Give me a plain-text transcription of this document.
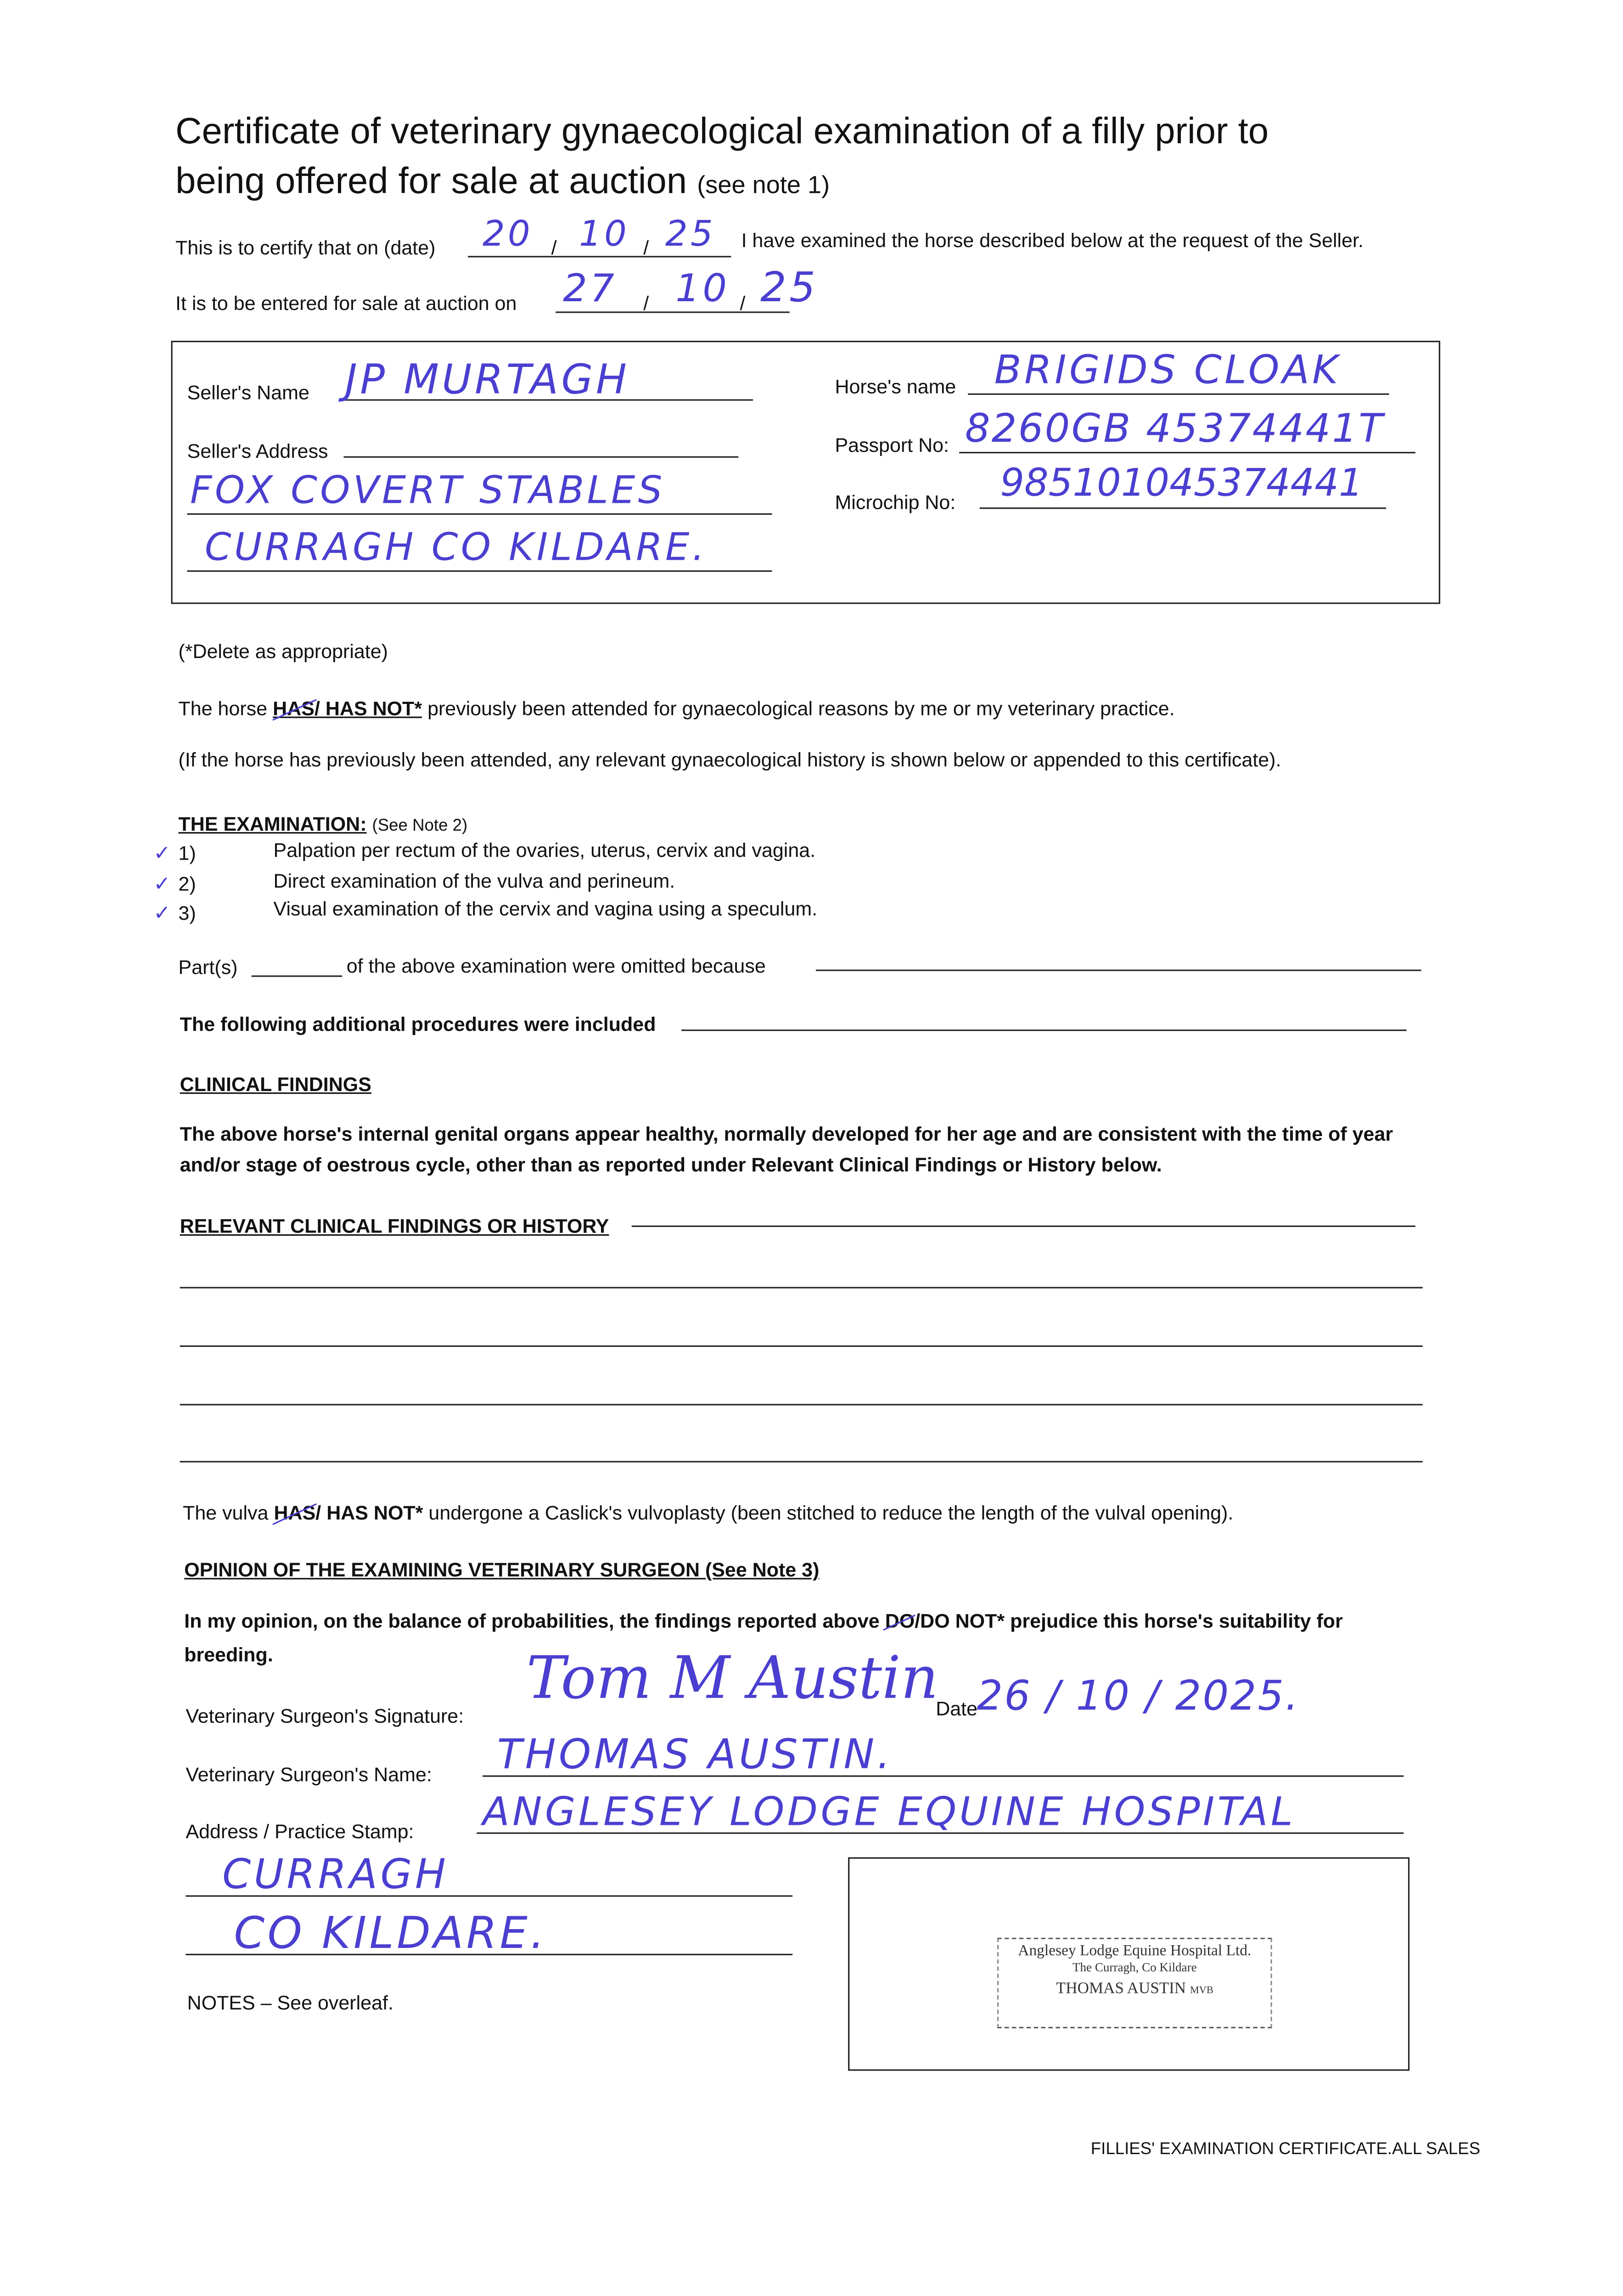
Certificate of veterinary gynaecological examination of a filly prior to
being offered for sale at auction (see note 1)
This is to certify that on (date)	20	/ 10 / 25	I have examined the horse described below at the request of the Seller.
It is to be entered for sale at auction on	27	/ 10 / 25
Seller's Name	JP MURTAGH
Seller's Address
FOX COVERT STABLES
CURRAGH CO KILDARE.
Horse's name	BRIGIDS CLOAK
Passport No: 8260GB 45374441T
Microchip No:	985101045374441
(*Delete as appropriate)
The horse HAS/ HAS NOT* previously been attended for gynaecological reasons by me or my veterinary practice.
(If the horse has previously been attended, any relevant gynaecological history is shown below or appended to this certificate).
THE EXAMINATION: (See Note 2)
✓ 1)	Palpation per rectum of the ovaries, uterus, cervix and vagina.
✓ 2)	Direct examination of the vulva and perineum.
✓ 3)	Visual examination of the cervix and vagina using a speculum.
Part(s)	of the above examination were omitted because
The following additional procedures were included
CLINICAL FINDINGS
The above horse's internal genital organs appear healthy, normally developed for her age and are consistent with the time of year
and/or stage of oestrous cycle, other than as reported under Relevant Clinical Findings or History below.
RELEVANT CLINICAL FINDINGS OR HISTORY
The vulva HAS/ HAS NOT* undergone a Caslick's vulvoplasty (been stitched to reduce the length of the vulval opening).
OPINION OF THE EXAMINING VETERINARY SURGEON (See Note 3)
In my opinion, on the balance of probabilities, the findings reported above DO/DO NOT* prejudice this horse's suitability for
breeding.
Veterinary Surgeon's Signature:
Tom M Austin
Date
26 / 10 / 2025.
Veterinary Surgeon's Name:	THOMAS AUSTIN.
Address / Practice Stamp:	ANGLESEY LODGE EQUINE HOSPITAL
CURRAGH
CO KILDARE.	Anglesey Lodge Equine Hospital Ltd.
The Curragh, Co Kildare
THOMAS AUSTIN MVB
NOTES – See overleaf.
FILLIES' EXAMINATION CERTIFICATE.ALL SALES
